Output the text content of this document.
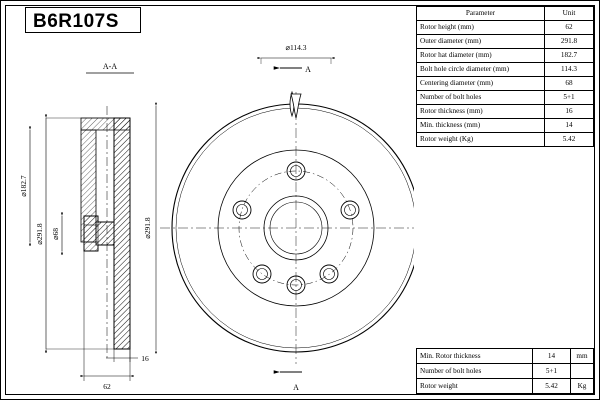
B6R107S	Parameter	Unit
Rotor height (mm)	62
Outer diameter (mm)	291.8
Rotor hat diameter (mm)	182.7
Bolt hole circle diameter (mm)	114.3
Centering diameter (mm)	68
Number of bolt holes	5+1
Rotor thickness (mm)	16
Min. thickness (mm)	14
Rotor weight (Kg)	5.42
Min. Rotor thickness	14	mm
Number of bolt holes	5+1	
Rotor weight	5.42	Kg
A-A
16
62
⌀291.8
⌀182.7
⌀68
⌀114.3
⌀291.8
A
A
